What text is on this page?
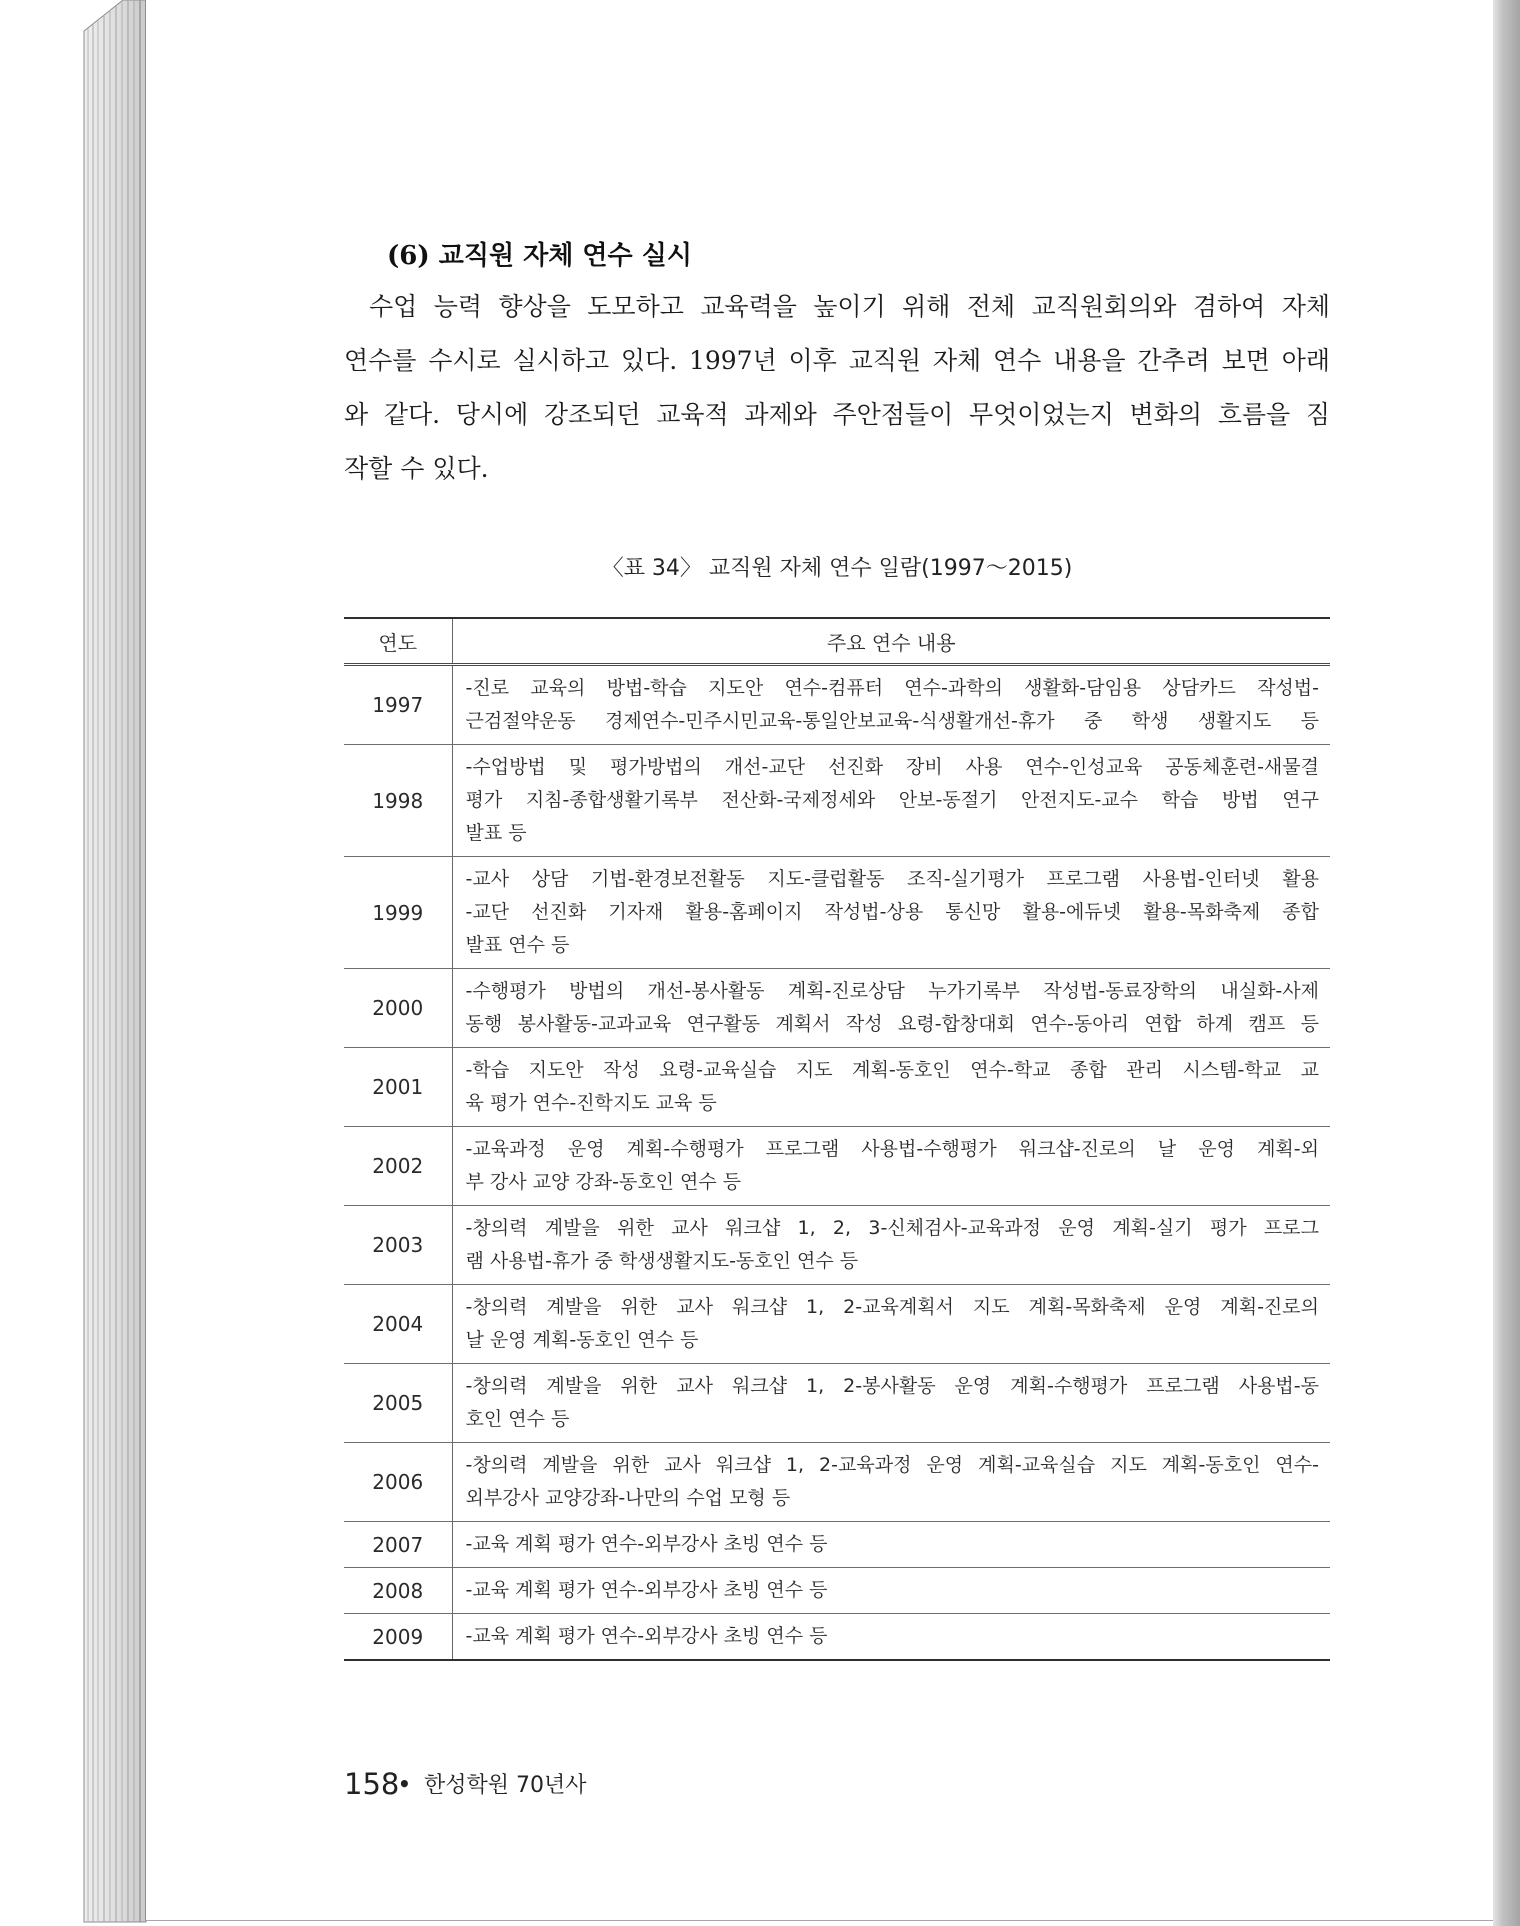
(6) 교직원 자체 연수 실시
수업 능력 향상을 도모하고 교육력을 높이기 위해 전체 교직원회의와 겸하여 자체
연수를 수시로 실시하고 있다. 1997년 이후 교직원 자체 연수 내용을 간추려 보면 아래
와 같다. 당시에 강조되던 교육적 과제와 주안점들이 무엇이었는지 변화의 흐름을 짐
작할 수 있다.
〈표 34〉 교직원 자체 연수 일람(1997～2015)
연도	주요 연수 내용
1997	-진로 교육의 방법-학습 지도안 연수-컴퓨터 연수-과학의 생활화-담임용 상담카드 작성법-
근검절약운동 경제연수-민주시민교육-통일안보교육-식생활개선-휴가 중 학생 생활지도 등

1998	-수업방법 및 평가방법의 개선-교단 선진화 장비 사용 연수-인성교육 공동체훈련-새물결
평가 지침-종합생활기록부 전산화-국제정세와 안보-동절기 안전지도-교수 학습 방법 연구
발표 등

1999	-교사 상담 기법-환경보전활동 지도-클럽활동 조직-실기평가 프로그램 사용법-인터넷 활용
-교단 선진화 기자재 활용-홈페이지 작성법-상용 통신망 활용-에듀넷 활용-목화축제 종합
발표 연수 등

2000	-수행평가 방법의 개선-봉사활동 계획-진로상담 누가기록부 작성법-동료장학의 내실화-사제
동행 봉사활동-교과교육 연구활동 계획서 작성 요령-합창대회 연수-동아리 연합 하계 캠프 등

2001	-학습 지도안 작성 요령-교육실습 지도 계획-동호인 연수-학교 종합 관리 시스템-학교 교
육 평가 연수-진학지도 교육 등

2002	-교육과정 운영 계획-수행평가 프로그램 사용법-수행평가 워크샵-진로의 날 운영 계획-외
부 강사 교양 강좌-동호인 연수 등

2003	-창의력 계발을 위한 교사 워크샵 1, 2, 3-신체검사-교육과정 운영 계획-실기 평가 프로그
램 사용법-휴가 중 학생생활지도-동호인 연수 등

2004	-창의력 계발을 위한 교사 워크샵 1, 2-교육계획서 지도 계획-목화축제 운영 계획-진로의
날 운영 계획-동호인 연수 등

2005	-창의력 계발을 위한 교사 워크샵 1, 2-봉사활동 운영 계획-수행평가 프로그램 사용법-동
호인 연수 등

2006	-창의력 계발을 위한 교사 워크샵 1, 2-교육과정 운영 계획-교육실습 지도 계획-동호인 연수-
외부강사 교양강좌-나만의 수업 모형 등

2007	-교육 계획 평가 연수-외부강사 초빙 연수 등

2008	-교육 계획 평가 연수-외부강사 초빙 연수 등

2009	-교육 계획 평가 연수-외부강사 초빙 연수 등
158
• 한성학원 70년사
